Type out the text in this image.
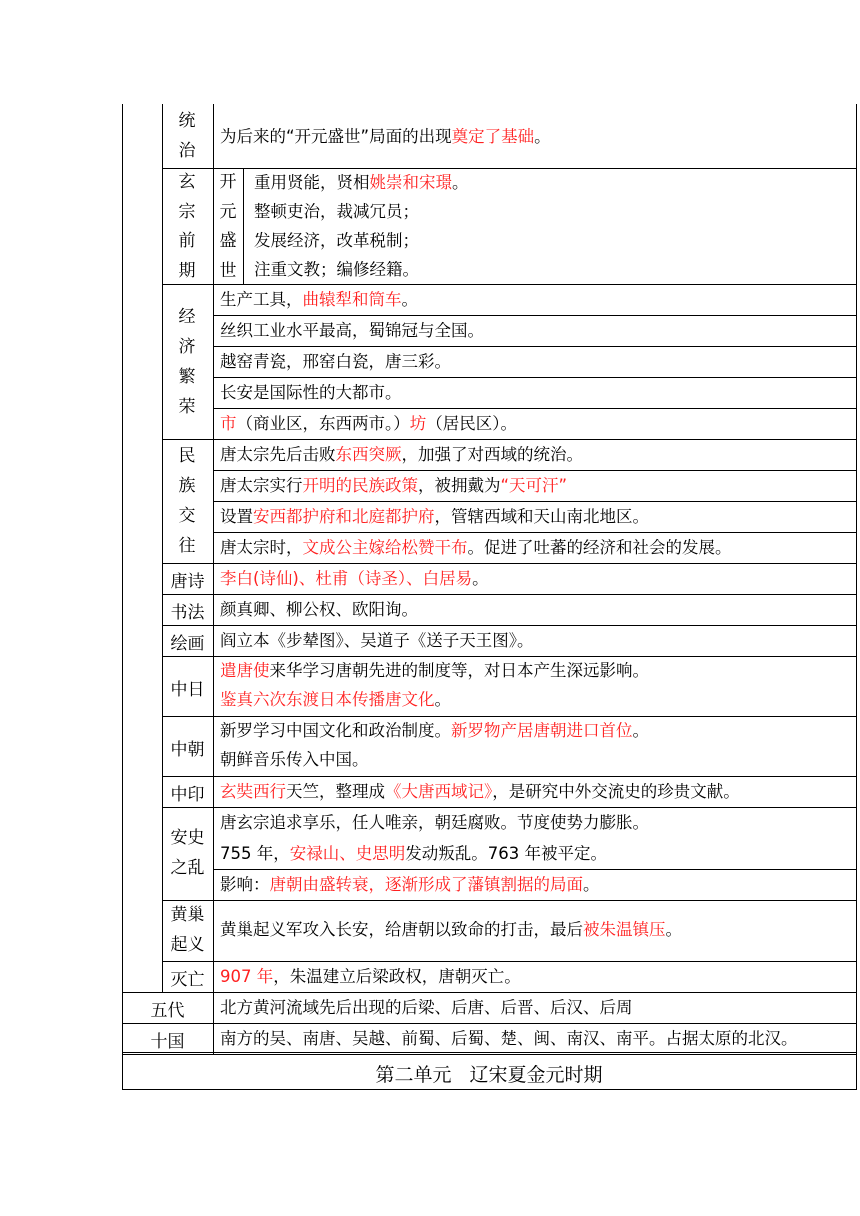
统
治
为后来的“开元盛世”局面的出现奠定了基础。
玄
宗
前
期
开
元
盛
世
重用贤能，贤相姚崇和宋璟。
整顿吏治，裁减冗员；
发展经济，改革税制；
注重文教；编修经籍。
经
济
繁
荣
生产工具，曲辕犁和筒车。
丝织工业水平最高，蜀锦冠与全国。
越窑青瓷，邢窑白瓷，唐三彩。
长安是国际性的大都市。
市（商业区，东西两市。）坊（居民区）。
民
族
交
往
唐太宗先后击败东西突厥，加强了对西域的统治。
唐太宗实行开明的民族政策，被拥戴为“天可汗”
设置安西都护府和北庭都护府，管辖西域和天山南北地区。
唐太宗时，文成公主嫁给松赞干布。促进了吐蕃的经济和社会的发展。
唐诗 李白(诗仙)、杜甫（诗圣）、白居易。
书法 颜真卿、柳公权、欧阳询。
绘画 阎立本《步辇图》、吴道子《送子天王图》。
中日
遣唐使来华学习唐朝先进的制度等，对日本产生深远影响。
鉴真六次东渡日本传播唐文化。
中朝
新罗学习中国文化和政治制度。新罗物产居唐朝进口首位。
朝鲜音乐传入中国。
中印 玄奘西行天竺，整理成《大唐西域记》，是研究中外交流史的珍贵文献。
安史
之乱
唐玄宗追求享乐，任人唯亲，朝廷腐败。节度使势力膨胀。
755 年，安禄山、史思明发动叛乱。763 年被平定。
影响：唐朝由盛转衰，逐渐形成了藩镇割据的局面。
黄巢
起义
黄巢起义军攻入长安，给唐朝以致命的打击，最后被朱温镇压。
灭亡 907 年，朱温建立后梁政权，唐朝灭亡。
五代	北方黄河流域先后出现的后梁、后唐、后晋、后汉、后周
十国	南方的吴、南唐、吴越、前蜀、后蜀、楚、闽、南汉、南平。占据太原的北汉。
第二单元   辽宋夏金元时期
